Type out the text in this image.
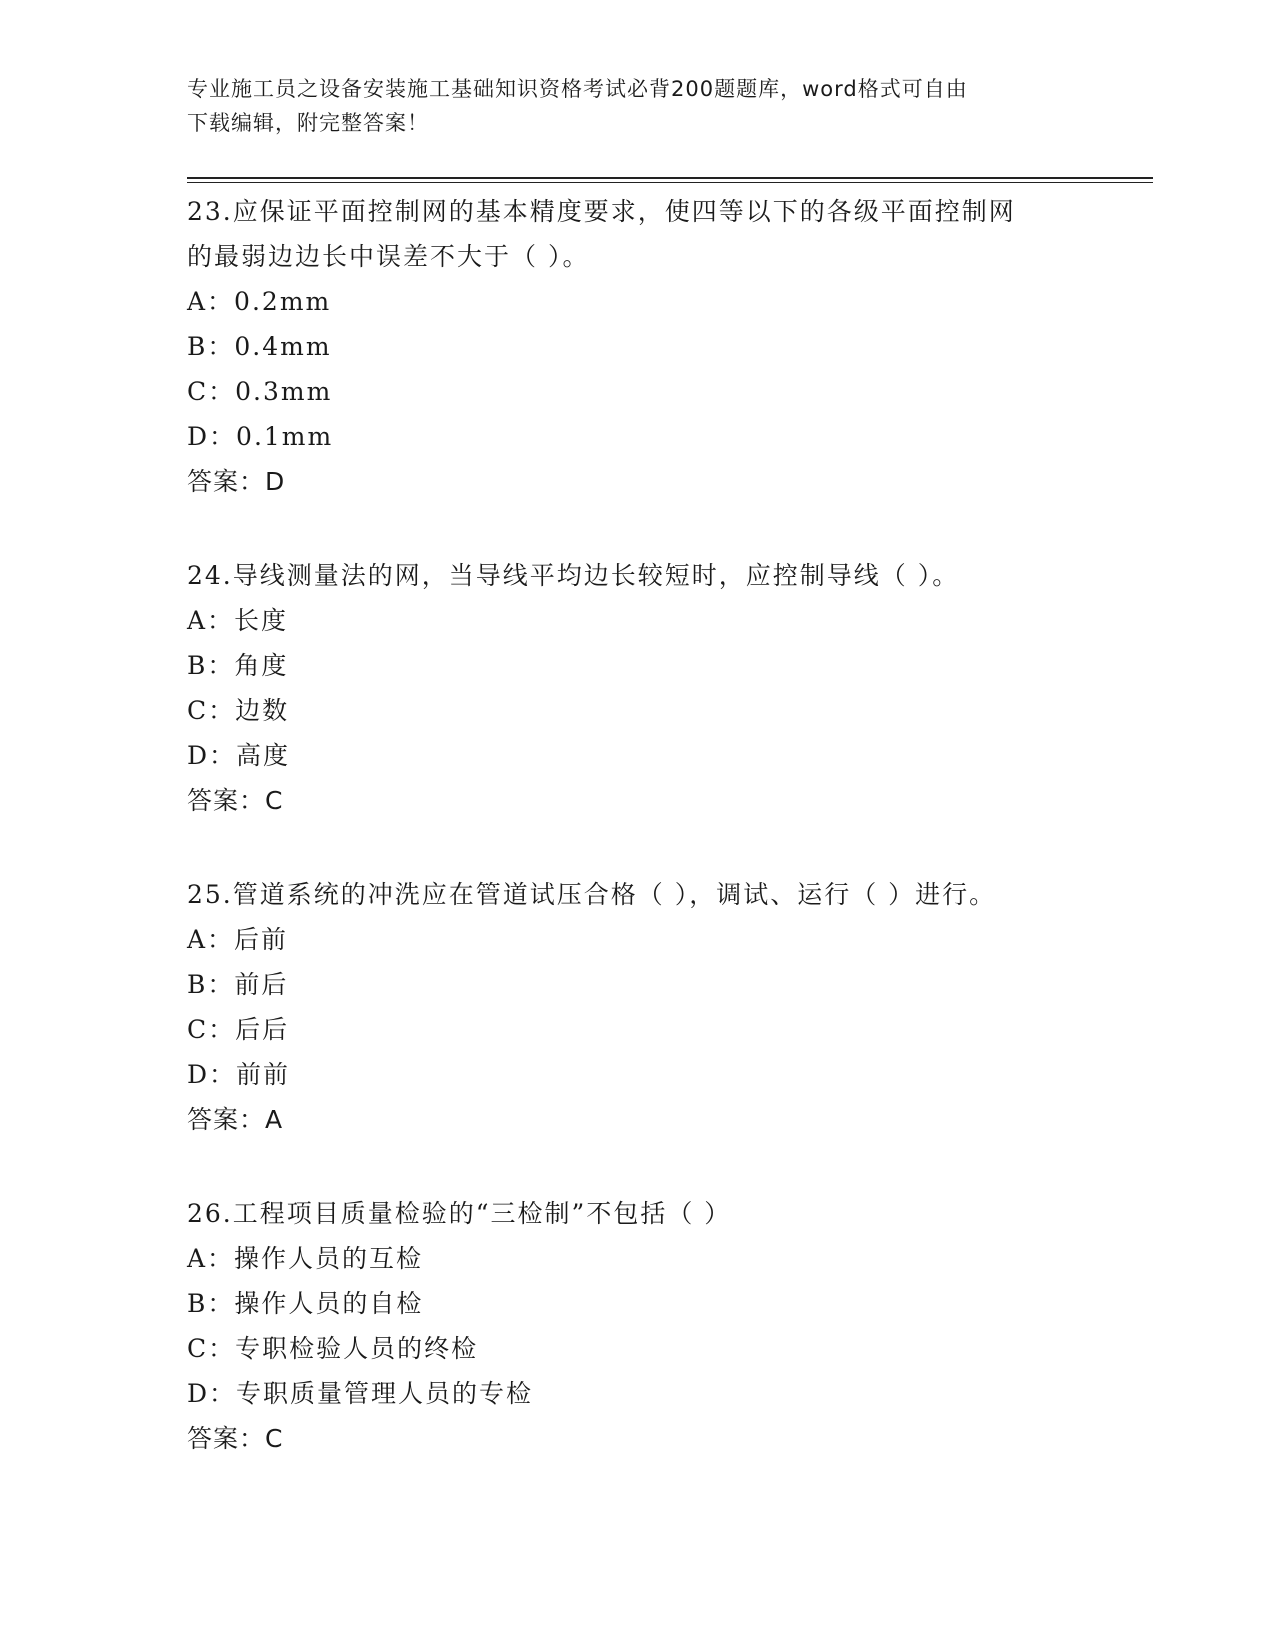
专业施工员之设备安装施工基础知识资格考试必背200题题库，word格式可自由
下载编辑，附完整答案！
23.应保证平面控制网的基本精度要求，使四等以下的各级平面控制网
的最弱边边长中误差不大于（ ）。
A：0.2mm
B：0.4mm
C：0.3mm
D：0.1mm
答案：D
24.导线测量法的网，当导线平均边长较短时，应控制导线（ ）。
A：长度
B：角度
C：边数
D：高度
答案：C
25.管道系统的冲洗应在管道试压合格（ ），调试、运行（ ）进行。
A：后前
B：前后
C：后后
D：前前
答案：A
26.工程项目质量检验的“三检制”不包括（ ）
A：操作人员的互检
B：操作人员的自检
C：专职检验人员的终检
D：专职质量管理人员的专检
答案：C
